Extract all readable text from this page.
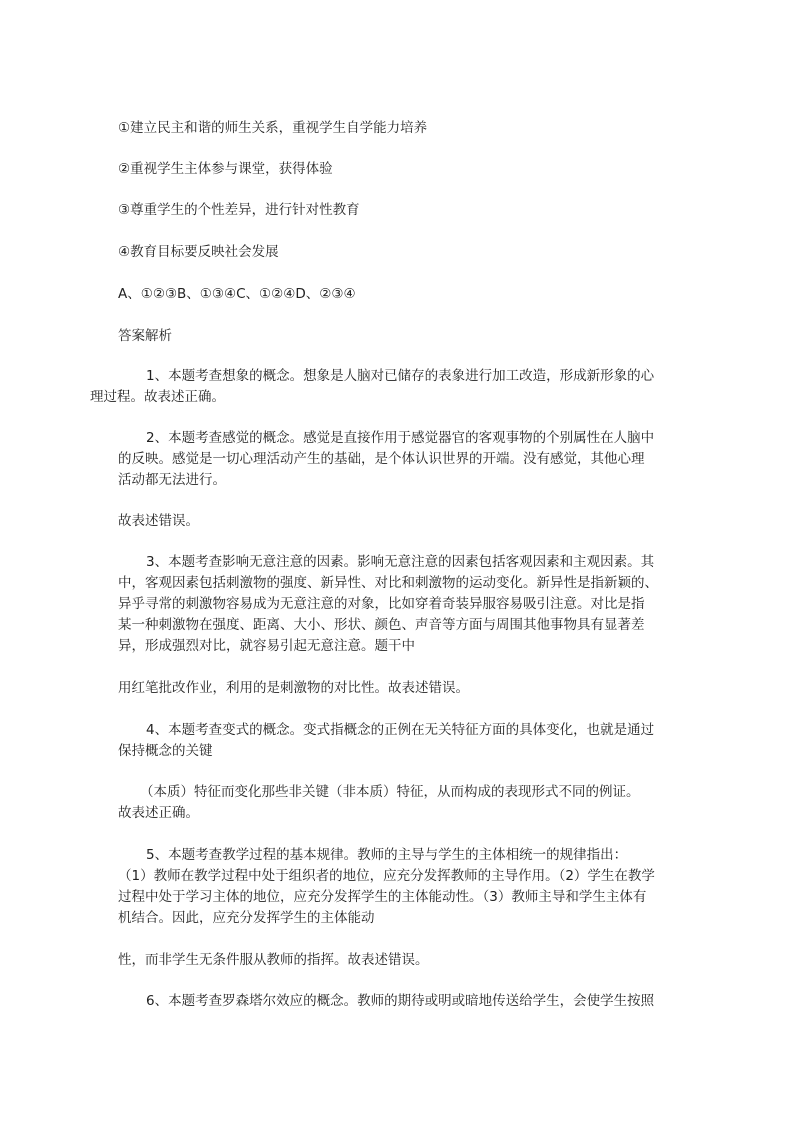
①建立民主和谐的师生关系，重视学生自学能力培养

②重视学生主体参与课堂，获得体验

③尊重学生的个性差异，进行针对性教育

④教育目标要反映社会发展

A、①②③B、①③④C、①②④D、②③④

答案解析

1、本题考查想象的概念。想象是人脑对已储存的表象进行加工改造，形成新形象的心
理过程。故表述正确。
2、本题考查感觉的概念。感觉是直接作用于感觉器官的客观事物的个别属性在人脑中
的反映。感觉是一切心理活动产生的基础，是个体认识世界的开端。没有感觉，其他心理
活动都无法进行。

故表述错误。

3、本题考查影响无意注意的因素。影响无意注意的因素包括客观因素和主观因素。其
中，客观因素包括刺激物的强度、新异性、对比和刺激物的运动变化。新异性是指新颖的、
异乎寻常的刺激物容易成为无意注意的对象，比如穿着奇装异服容易吸引注意。对比是指
某一种刺激物在强度、距离、大小、形状、颜色、声音等方面与周围其他事物具有显著差
异，形成强烈对比，就容易引起无意注意。题干中

用红笔批改作业，利用的是刺激物的对比性。故表述错误。

4、本题考查变式的概念。变式指概念的正例在无关特征方面的具体变化，也就是通过
保持概念的关键
（本质）特征而变化那些非关键（非本质）特征，从而构成的表现形式不同的例证。
故表述正确。
5、本题考查教学过程的基本规律。教师的主导与学生的主体相统一的规律指出：
（1）教师在教学过程中处于组织者的地位，应充分发挥教师的主导作用。（2）学生在教学
过程中处于学习主体的地位，应充分发挥学生的主体能动性。（3）教师主导和学生主体有
机结合。因此，应充分发挥学生的主体能动

性，而非学生无条件服从教师的指挥。故表述错误。

6、本题考查罗森塔尔效应的概念。教师的期待或明或暗地传送给学生，会使学生按照
